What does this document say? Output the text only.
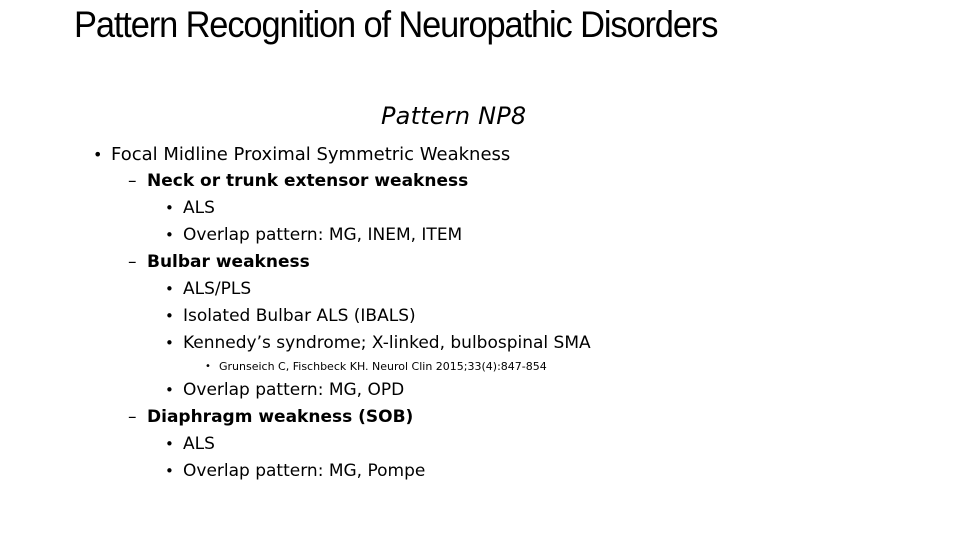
Pattern Recognition of Neuropathic Disorders
Pattern NP8
• Focal Midline Proximal Symmetric Weakness
– Neck or trunk extensor weakness
• ALS
• Overlap pattern: MG, INEM, ITEM
– Bulbar weakness
• ALS/PLS
• Isolated Bulbar ALS (IBALS)
• Kennedy’s syndrome; X-linked, bulbospinal SMA
• Grunseich C, Fischbeck KH. Neurol Clin 2015;33(4):847-854
• Overlap pattern: MG, OPD
– Diaphragm weakness (SOB)
• ALS
• Overlap pattern: MG, Pompe
